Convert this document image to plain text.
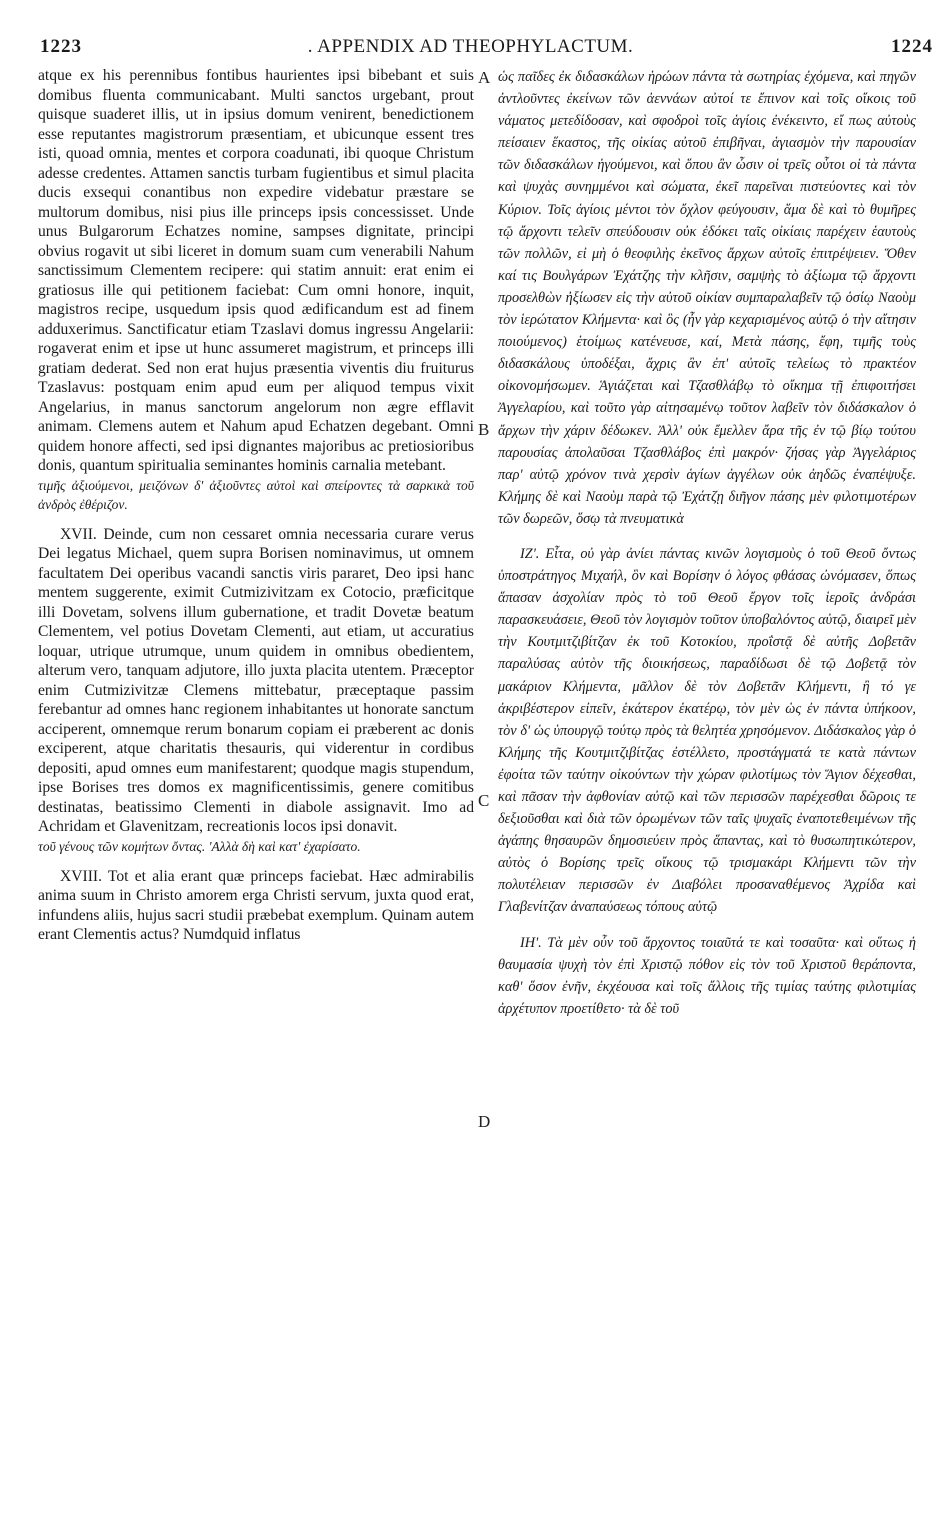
1223	. APPENDIX AD THEOPHYLACTUM.	1224
A
B
C
D

atque ex his perennibus fontibus haurientes ipsi bibebant et suis domibus fluenta communicabant. Multi sanctos urgebant, prout quisque suaderet illis, ut in ipsius domum venirent, benedictionem esse reputantes magistrorum præsentiam, et ubicunque essent tres isti, quoad omnia, mentes et corpora coadunati, ibi quoque Christum adesse credentes. Attamen sanctis turbam fugientibus et simul placita ducis exsequi conantibus non expedire videbatur præstare se multorum domibus, nisi pius ille princeps ipsis concessisset. Unde unus Bulgarorum Echatzes nomine, sampses dignitate, principi obvius rogavit ut sibi liceret in domum suam cum venerabili Nahum sanctissimum Clementem recipere: qui statim annuit: erat enim ei gratiosus ille qui petitionem faciebat: Cum omni honore, inquit, magistros recipe, usquedum ipsis quod ædificandum est ad finem adduxerimus. Sanctificatur etiam Tzaslavi domus ingressu Angelarii: rogaverat enim et ipse ut hunc assumeret magistrum, et princeps illi gratiam dederat. Sed non erat hujus præsentia viventis diu fruiturus Tzaslavus: postquam enim apud eum per aliquod tempus vixit Angelarius, in manus sanctorum angelorum non ægre efflavit animam. Clemens autem et Nahum apud Echatzen degebant. Omni quidem honore affecti, sed ipsi dignantes majoribus ac pretiosioribus donis, quantum spiritualia seminantes hominis carnalia metebant.

τιμῆς ἀξιούμενοι, μειζόνων δ' ἀξιοῦντες αὐτοὶ καὶ σπείροντες τὰ σαρκικὰ τοῦ ἀνδρὸς ἐθέριζον.

XVII. Deinde, cum non cessaret omnia necessaria curare verus Dei legatus Michael, quem supra Borisen nominavimus, ut omnem facultatem Dei operibus vacandi sanctis viris pararet, Deo ipsi hanc mentem suggerente, eximit Cutmizivitzam ex Cotocio, præficitque illi Dovetam, solvens illum gubernatione, et tradit Dovetæ beatum Clementem, vel potius Dovetam Clementi, aut etiam, ut accuratius loquar, utrique utrumque, unum quidem in omnibus obedientem, alterum vero, tanquam adjutore, illo juxta placita utentem. Præceptor enim Cutmizivitzæ Clemens mittebatur, præceptaque passim ferebantur ad omnes hanc regionem inhabitantes ut honorate sanctum acciperent, omnemque rerum bonarum copiam ei præberent ac donis exciperent, atque charitatis thesauris, qui viderentur in cordibus depositi, apud omnes eum manifestarent; quodque magis stupendum, ipse Borises tres domos ex magnificentissimis, genere comitibus destinatas, beatissimo Clementi in diabole assignavit. Imo ad Achridam et Glavenitzam, recreationis locos ipsi donavit.

τοῦ γένους τῶν κομήτων ὄντας. 'Αλλὰ δὴ καὶ κατ' ἐχαρίσατο.

XVIII. Tot et alia erant quæ princeps faciebat. Hæc admirabilis anima suum in Christo amorem erga Christi servum, juxta quod erat, infundens aliis, hujus sacri studii præbebat exemplum. Quinam autem erant Clementis actus? Numdquid inflatus

ὡς παῖδες ἐκ διδασκάλων ἡρώων πάντα τὰ σωτηρίας ἐχόμενα, καὶ πηγῶν ἀντλοῦντες ἐκείνων τῶν ἀεννάων αὐτοί τε ἔπινον καὶ τοῖς οἴκοις τοῦ νάματος μετεδίδοσαν, καὶ σφοδροὶ τοῖς ἁγίοις ἐνέκειντο, εἴ πως αὐτοὺς πείσαιεν ἕκαστος, τῆς οἰκίας αὐτοῦ ἐπιβῆναι, ἁγιασμὸν τὴν παρουσίαν τῶν διδασκάλων ἡγούμενοι, καὶ ὅπου ἂν ὦσιν οἱ τρεῖς οὗτοι οἱ τὰ πάντα καὶ ψυχὰς συνημμένοι καὶ σώματα, ἐκεῖ παρεῖναι πιστεύοντες καὶ τὸν Κύριον. Τοῖς ἁγίοις μέντοι τὸν ὄχλον φεύγουσιν, ἅμα δὲ καὶ τὸ θυμῆρες τῷ ἄρχοντι τελεῖν σπεύδουσιν οὐκ ἐδόκει ταῖς οἰκίαις παρέχειν ἑαυτοὺς τῶν πολλῶν, εἰ μὴ ὁ θεοφιλὴς ἐκεῖνος ἄρχων αὐτοῖς ἐπιτρέψειεν. Ὅθεν καί τις Βουλγάρων Ἐχάτζης τὴν κλῆσιν, σαμψὴς τὸ ἀξίωμα τῷ ἄρχοντι προσελθὼν ἠξίωσεν εἰς τὴν αὐτοῦ οἰκίαν συμπαραλαβεῖν τῷ ὁσίῳ Ναοὺμ τὸν ἱερώτατον Κλήμεντα· καὶ ὃς (ἦν γὰρ κεχαρισμένος αὐτῷ ὁ τὴν αἴτησιν ποιούμενος) ἑτοίμως κατένευσε, καί, Μετὰ πάσης, ἔφη, τιμῆς τοὺς διδασκάλους ὑποδέξαι, ἄχρις ἂν ἐπ' αὐτοῖς τελείως τὸ πρακτέον οἰκονομήσωμεν. Ἁγιάζεται καὶ Τζασθλάβῳ τὸ οἴκημα τῇ ἐπιφοιτήσει Ἀγγελαρίου, καὶ τοῦτο γὰρ αἰτησαμένῳ τοῦτον λαβεῖν τὸν διδάσκαλον ὁ ἄρχων τὴν χάριν δέδωκεν. Ἀλλ' οὐκ ἔμελλεν ἄρα τῆς ἐν τῷ βίῳ τούτου παρουσίας ἀπολαῦσαι Τζασθλάβος ἐπὶ μακρόν· ζήσας γὰρ Ἀγγελάριος παρ' αὐτῷ χρόνον τινὰ χερσὶν ἁγίων ἀγγέλων οὐκ ἀηδῶς ἐναπέψυξε. Κλήμης δὲ καὶ Ναοὺμ παρὰ τῷ Ἐχάτζῃ διῆγον πάσης μὲν φιλοτιμοτέρων τῶν δωρεῶν, ὅσῳ τὰ πνευματικὰ

ΙΖ'. Εἶτα, οὐ γὰρ ἀνίει πάντας κινῶν λογισμοὺς ὁ τοῦ Θεοῦ ὄντως ὑποστράτηγος Μιχαήλ, ὃν καὶ Βορίσην ὁ λόγος φθάσας ὠνόμασεν, ὅπως ἅπασαν ἀσχολίαν πρὸς τὸ τοῦ Θεοῦ ἔργον τοῖς ἱεροῖς ἀνδράσι παρασκευάσειε, Θεοῦ τὸν λογισμὸν τοῦτον ὑποβαλόντος αὐτῷ, διαιρεῖ μὲν τὴν Κουτμιτζιβίτζαν ἐκ τοῦ Κοτοκίου, προΐστᾷ δὲ αὐτῆς Δοβετᾶν παραλύσας αὐτὸν τῆς διοικήσεως, παραδίδωσι δὲ τῷ Δοβετᾷ τὸν μακάριον Κλήμεντα, μᾶλλον δὲ τὸν Δοβετᾶν Κλήμεντι, ἢ τό γε ἀκριβέστερον εἰπεῖν, ἑκάτερον ἑκατέρῳ, τὸν μὲν ὡς ἐν πάντα ὑπήκοον, τὸν δ' ὡς ὑπουργῷ τούτῳ πρὸς τὰ θελητέα χρησόμενον. Διδάσκαλος γὰρ ὁ Κλήμης τῆς Κουτμιτζιβίτζας ἐστέλλετο, προστάγματά τε κατὰ πάντων ἐφοίτα τῶν ταύτην οἰκούντων τὴν χώραν φιλοτίμως τὸν Ἅγιον δέχεσθαι, καὶ πᾶσαν τὴν ἀφθονίαν αὐτῷ καὶ τῶν περισσῶν παρέχεσθαι δῶροις τε δεξιοῦσθαι καὶ διὰ τῶν ὁρωμένων τῶν ταῖς ψυχαῖς ἐναποτεθειμένων τῆς ἀγάπης θησαυρῶν δημοσιεύειν πρὸς ἅπαντας, καὶ τὸ θυσωπητικώτερον, αὐτὸς ὁ Βορίσης τρεῖς οἴκους τῷ τρισμακάρι Κλήμεντι τῶν τὴν πολυτέλειαν περισσῶν ἐν Διαβόλει προσαναθέμενος Ἀχρίδα καὶ Γλαβενίτζαν ἀναπαύσεως τόπους αὐτῷ

ΙΗ'. Τὰ μὲν οὖν τοῦ ἄρχοντος τοιαῦτά τε καὶ τοσαῦτα· καὶ οὕτως ἡ θαυμασία ψυχὴ τὸν ἐπὶ Χριστῷ πόθον εἰς τὸν τοῦ Χριστοῦ θεράποντα, καθ' ὅσον ἐνῆν, ἐκχέουσα καὶ τοῖς ἄλλοις τῆς τιμίας ταύτης φιλοτιμίας ἀρχέτυπον προετίθετο· τὰ δὲ τοῦ
